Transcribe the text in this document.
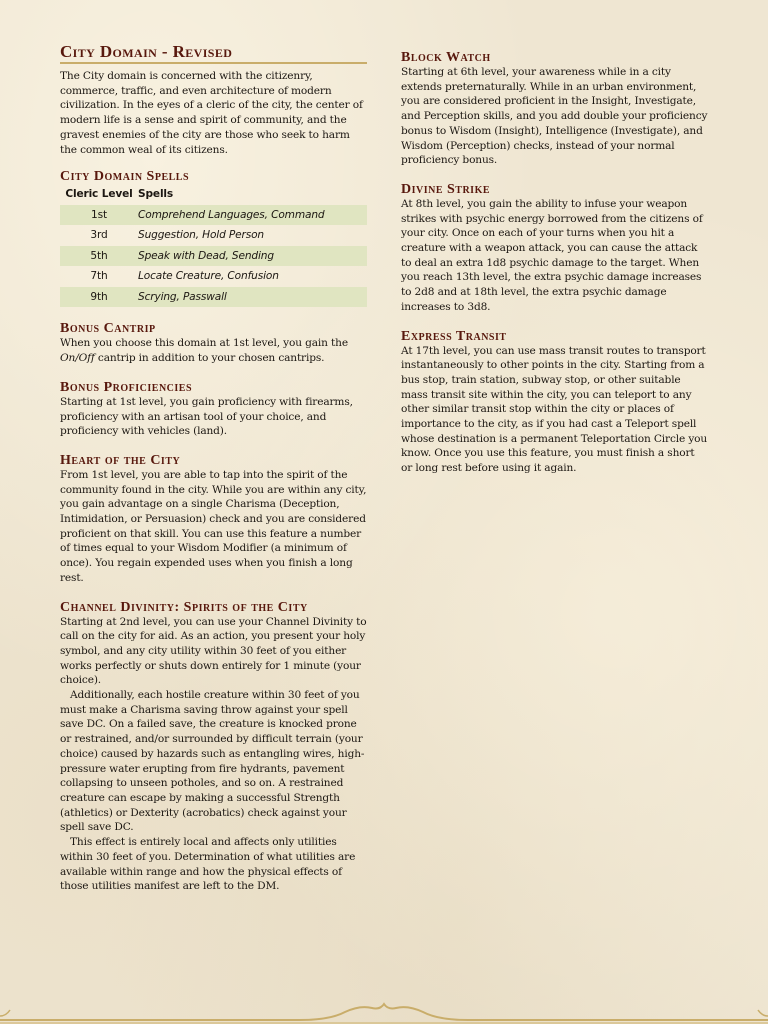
City Domain - Revised

The City domain is concerned with the citizenry, commerce, traffic, and even architecture of modern civilization. In the eyes of a cleric of the city, the center of modern life is a sense and spirit of community, and the gravest enemies of the city are those who seek to harm the common weal of its citizens.

City Domain Spells
Cleric Level	Spells
1st	Comprehend Languages, Command
3rd	Suggestion, Hold Person
5th	Speak with Dead, Sending
7th	Locate Creature, Confusion
9th	Scrying, Passwall
Bonus Cantrip

When you choose this domain at 1st level, you gain the On/Off cantrip in addition to your chosen cantrips.

Bonus Proficiencies

Starting at 1st level, you gain proficiency with firearms, proficiency with an artisan tool of your choice, and proficiency with vehicles (land).

Heart of the City

From 1st level, you are able to tap into the spirit of the community found in the city. While you are within any city, you gain advantage on a single Charisma (Deception, Intimidation, or Persuasion) check and you are considered proficient on that skill. You can use this feature a number of times equal to your Wisdom Modifier (a minimum of once). You regain expended uses when you finish a long rest.

Channel Divinity: Spirits of the City

Starting at 2nd level, you can use your Channel Divinity to call on the city for aid. As an action, you present your holy symbol, and any city utility within 30 feet of you either works perfectly or shuts down entirely for 1 minute (your choice).

Additionally, each hostile creature within 30 feet of you must make a Charisma saving throw against your spell save DC. On a failed save, the creature is knocked prone or restrained, and/or surrounded by difficult terrain (your choice) caused by hazards such as entangling wires, high-pressure water erupting from fire hydrants, pavement collapsing to unseen potholes, and so on. A restrained creature can escape by making a successful Strength (athletics) or Dexterity (acrobatics) check against your spell save DC.

This effect is entirely local and affects only utilities within 30 feet of you. Determination of what utilities are available within range and how the physical effects of those utilities manifest are left to the DM.

Block Watch

Starting at 6th level, your awareness while in a city extends preternaturally. While in an urban environment, you are considered proficient in the Insight, Investigate, and Perception skills, and you add double your proficiency bonus to Wisdom (Insight), Intelligence (Investigate), and Wisdom (Perception) checks, instead of your normal proficiency bonus.

Divine Strike

At 8th level, you gain the ability to infuse your weapon strikes with psychic energy borrowed from the citizens of your city. Once on each of your turns when you hit a creature with a weapon attack, you can cause the attack to deal an extra 1d8 psychic damage to the target. When you reach 13th level, the extra psychic damage increases to 2d8 and at 18th level, the extra psychic damage increases to 3d8.

Express Transit

At 17th level, you can use mass transit routes to transport instantaneously to other points in the city. Starting from a bus stop, train station, subway stop, or other suitable mass transit site within the city, you can teleport to any other similar transit stop within the city or places of importance to the city, as if you had cast a Teleport spell whose destination is a permanent Teleportation Circle you know. Once you use this feature, you must finish a short or long rest before using it again.
